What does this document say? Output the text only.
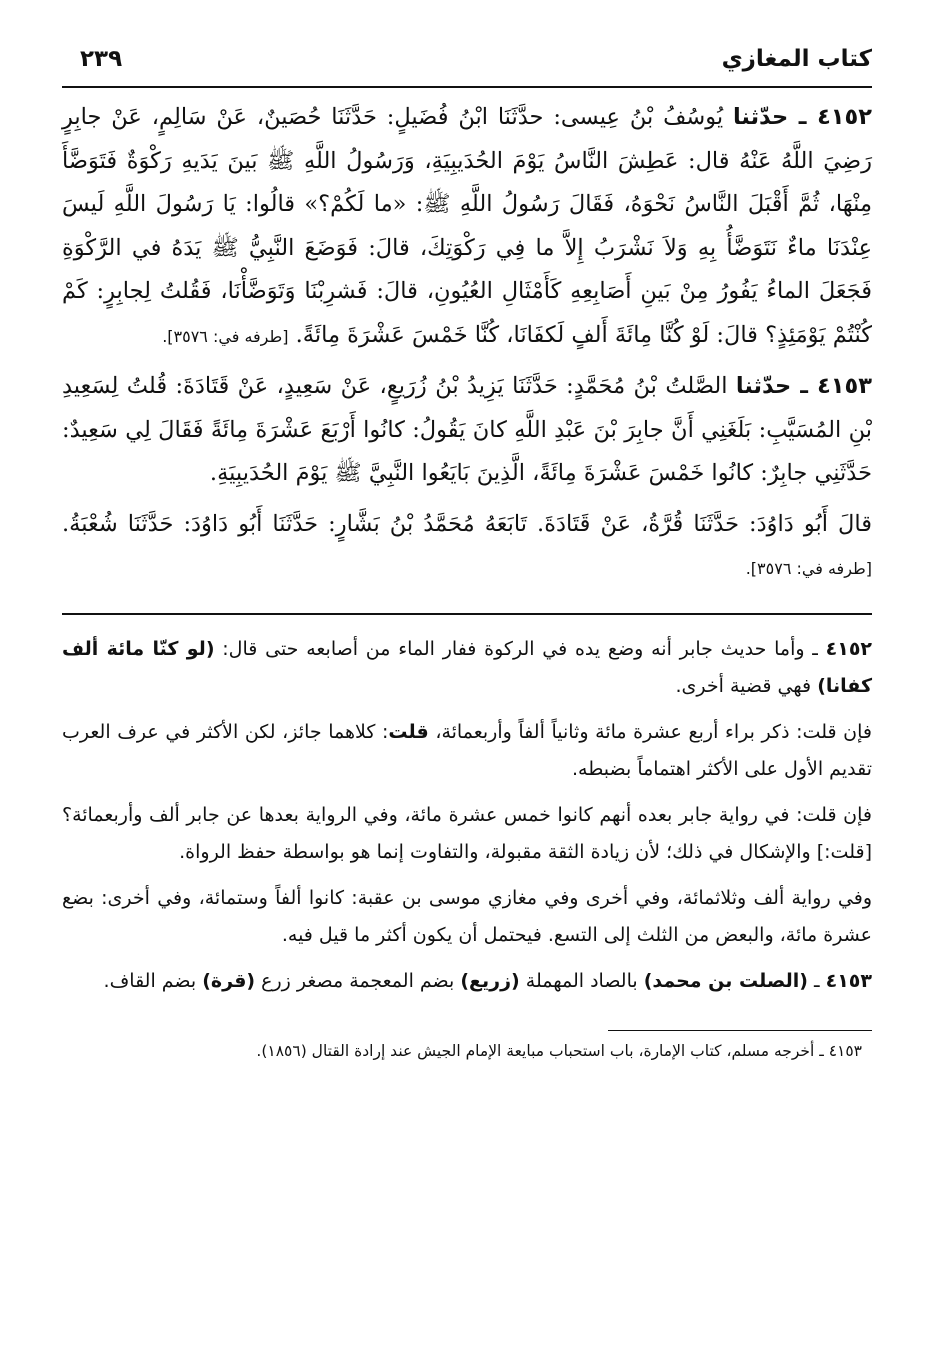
كتاب المغازي
٢٣٩

٤١٥٢ ـ حدّثنا يُوسُفُ بْنُ عِيسى: حدَّثَنَا ابْنُ فُضَيلٍ: حَدَّثَنَا حُصَينٌ، عَنْ سَالِمٍ، عَنْ جابِرٍ رَضِيَ اللَّهُ عَنْهُ قال: عَطِشَ النَّاسُ يَوْمَ الحُدَيبِيَةِ، وَرَسُولُ اللَّهِ ﷺ بَينَ يَدَيهِ رَكْوَةٌ فَتَوَضَّأَ مِنْهَا، ثُمَّ أَقْبَلَ النَّاسُ نَحْوَهُ، فَقَالَ رَسُولُ اللَّهِ ﷺ: «ما لَكُمْ؟» قالُوا: يَا رَسُولَ اللَّهِ لَيسَ عِنْدَنَا ماءٌ نَتَوَضَّأُ بِهِ وَلاَ نَشْرَبُ إِلاَّ ما فِي رَكْوَتِكَ، قالَ: فَوَضَعَ النَّبِيُّ ﷺ يَدَهُ في الرَّكْوَةِ فَجَعَلَ الماءُ يَفُورُ مِنْ بَينِ أَصَابِعِهِ كَأَمْثَالِ العُيُونِ، قالَ: فَشرِبْنَا وَتَوَضَّأْنَا، فَقُلتُ لِجابِرٍ: كَمْ كُنْتُمْ يَوْمَئِذٍ؟ قالَ: لَوْ كُنَّا مِائَةَ أَلفٍ لَكفَانَا، كُنَّا خَمْسَ عَشْرَةَ مِائَةً. [طرفه في: ٣٥٧٦].

٤١٥٣ ـ حدّثنا الصَّلتُ بْنُ مُحَمَّدٍ: حَدَّثَنَا يَزِيدُ بْنُ زُرَيعٍ، عَنْ سَعِيدٍ، عَنْ قَتَادَةَ: قُلتُ لِسَعِيدِ بْنِ المُسَيَّبِ: بَلَغَنِي أَنَّ جابِرَ بْنَ عَبْدِ اللَّهِ كانَ يَقُولُ: كانُوا أَرْبَعَ عَشْرَةَ مِائَةً فَقَالَ لِي سَعِيدٌ: حَدَّثَنِي جابِرٌ: كانُوا خَمْسَ عَشْرَةَ مِائَةً، الَّذِينَ بَايَعُوا النَّبِيَّ ﷺ يَوْمَ الحُدَيبِيَةِ.

قالَ أَبُو دَاوُدَ: حَدَّثَنَا قُرَّةُ، عَنْ قَتَادَةَ. تَابَعَهُ مُحَمَّدُ بْنُ بَشَّارٍ: حَدَّثَنَا أَبُو دَاوُدَ: حَدَّثَنَا شُعْبَةُ. [طرفه في: ٣٥٧٦].

٤١٥٢ ـ وأما حديث جابر أنه وضع يده في الركوة ففار الماء من أصابعه حتى قال: (لو كنّا مائة ألف كفانا) فهي قضية أخرى.

فإن قلت: ذكر براء أربع عشرة مائة وثانياً ألفاً وأربعمائة، قلت: كلاهما جائز، لكن الأكثر في عرف العرب تقديم الأول على الأكثر اهتماماً بضبطه.

فإن قلت: في رواية جابر بعده أنهم كانوا خمس عشرة مائة، وفي الرواية بعدها عن جابر ألف وأربعمائة؟ [قلت:] والإشكال في ذلك؛ لأن زيادة الثقة مقبولة، والتفاوت إنما هو بواسطة حفظ الرواة.

وفي رواية ألف وثلاثمائة، وفي أخرى وفي مغازي موسى بن عقبة: كانوا ألفاً وستمائة، وفي أخرى: بضع عشرة مائة، والبعض من الثلث إلى التسع. فيحتمل أن يكون أكثر ما قيل فيه.

٤١٥٣ ـ (الصلت بن محمد) بالصاد المهملة (زريع) بضم المعجمة مصغر زرع (قرة) بضم القاف.

٤١٥٣ ـ أخرجه مسلم، كتاب الإمارة، باب استحباب مبايعة الإمام الجيش عند إرادة القتال (١٨٥٦).
